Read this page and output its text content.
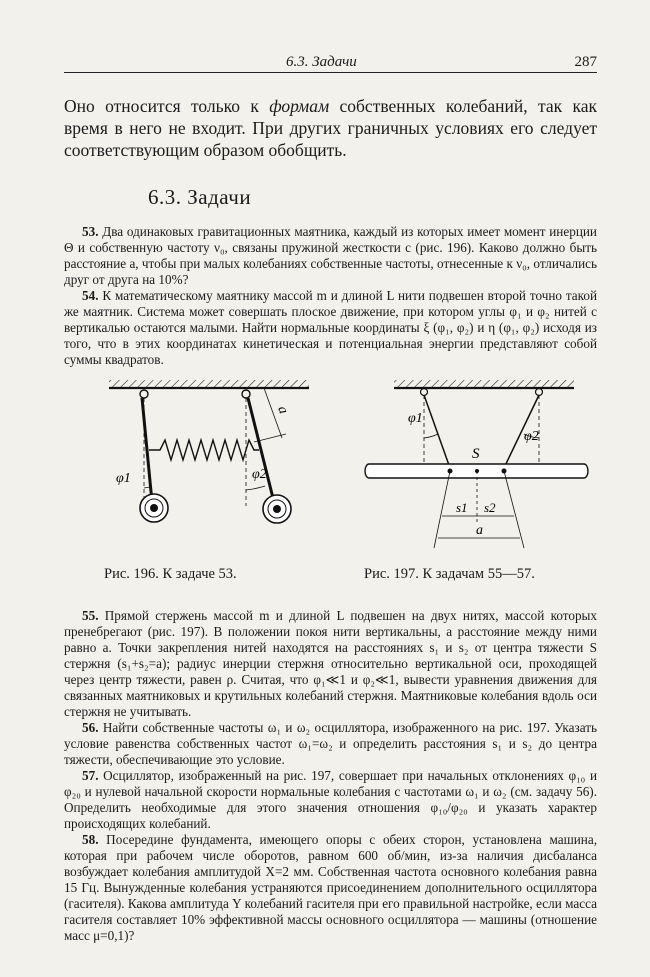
6.3. Задачи	287

Оно относится только к формам собственных колебаний, так как время в него не входит. При других граничных условиях его следует соответствующим образом обобщить.

6.3. Задачи

53. Два одинаковых гравитационных маятника, каждый из которых имеет момент инерции Θ и собственную частоту ν₀, связаны пружиной жесткости c (рис. 196). Каково должно быть расстояние a, чтобы при малых колебаниях собственные частоты, отнесенные к ν₀, отличались друг от друга на 10%?

54. К математическому маятнику массой m и длиной L нити подвешен второй точно такой же маятник. Система может совершать плоское движение, при котором углы φ₁ и φ₂ нитей с вертикалью остаются малыми. Найти нормальные координаты ξ (φ₁, φ₂) и η (φ₁, φ₂) исходя из того, что в этих координатах кинетическая и потенциальная энергии представляют собой суммы квадратов.

a
φ1	φ2
Рис. 196. К задаче 53.
φ1
φ2
S
s1 s2
a
Рис. 197. К задачам 55—57.

55. Прямой стержень массой m и длиной L подвешен на двух нитях, массой которых пренебрегают (рис. 197). В положении покоя нити вертикальны, а расстояние между ними равно a. Точки закрепления нитей находятся на расстояниях s₁ и s₂ от центра тяжести S стержня (s₁+s₂=a); радиус инерции стержня относительно вертикальной оси, проходящей через центр тяжести, равен ρ. Считая, что φ₁≪1 и φ₂≪1, вывести уравнения движения для связанных маятниковых и крутильных колебаний стержня. Маятниковые колебания вдоль оси стержня не учитывать.

56. Найти собственные частоты ω₁ и ω₂ осциллятора, изображенного на рис. 197. Указать условие равенства собственных частот ω₁=ω₂ и определить расстояния s₁ и s₂ до центра тяжести, обеспечивающие это условие.

57. Осциллятор, изображенный на рис. 197, совершает при начальных отклонениях φ₁₀ и φ₂₀ и нулевой начальной скорости нормальные колебания с частотами ω₁ и ω₂ (см. задачу 56). Определить необходимые для этого значения отношения φ₁₀/φ₂₀ и указать характер происходящих колебаний.

58. Посередине фундамента, имеющего опоры с обеих сторон, установлена машина, которая при рабочем числе оборотов, равном 600 об/мин, из-за наличия дисбаланса возбуждает колебания амплитудой X=2 мм. Собственная частота основного колебания равна 15 Гц. Вынужденные колебания устраняются присоединением дополнительного осциллятора (гасителя). Какова амплитуда Y колебаний гасителя при его правильной настройке, если масса гасителя составляет 10% эффективной массы основного осциллятора — машины (отношение масс μ=0,1)?
